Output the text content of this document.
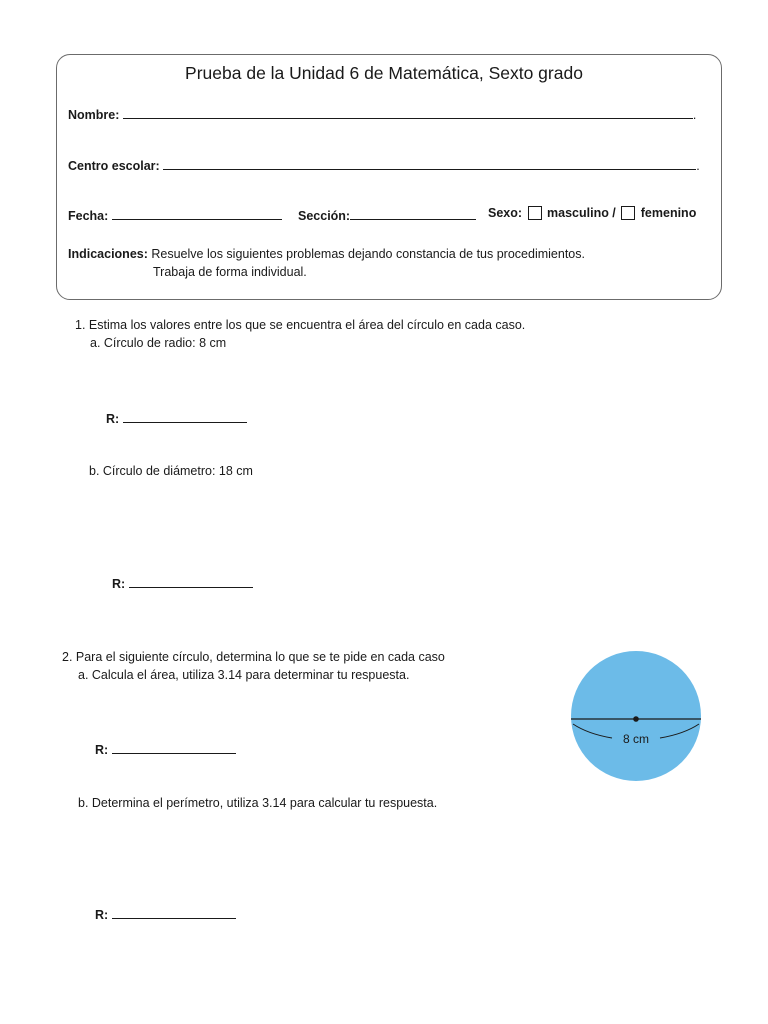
Prueba de la Unidad 6 de Matemática, Sexto grado
Nombre:	.
Centro escolar:	.
Fecha:	Sección:	Sexo: masculino / femenino
Indicaciones: Resuelve los siguientes problemas dejando constancia de tus procedimientos.
Trabaja de forma individual.
1. Estima los valores entre los que se encuentra el área del círculo en cada caso.
a. Círculo de radio: 8 cm
R:
b. Círculo de diámetro: 18 cm
R:
2. Para el siguiente círculo, determina lo que se te pide en cada caso
a. Calcula el área, utiliza 3.14 para determinar tu respuesta.
R:
b. Determina el perímetro, utiliza 3.14 para calcular tu respuesta.
R:
8 cm
